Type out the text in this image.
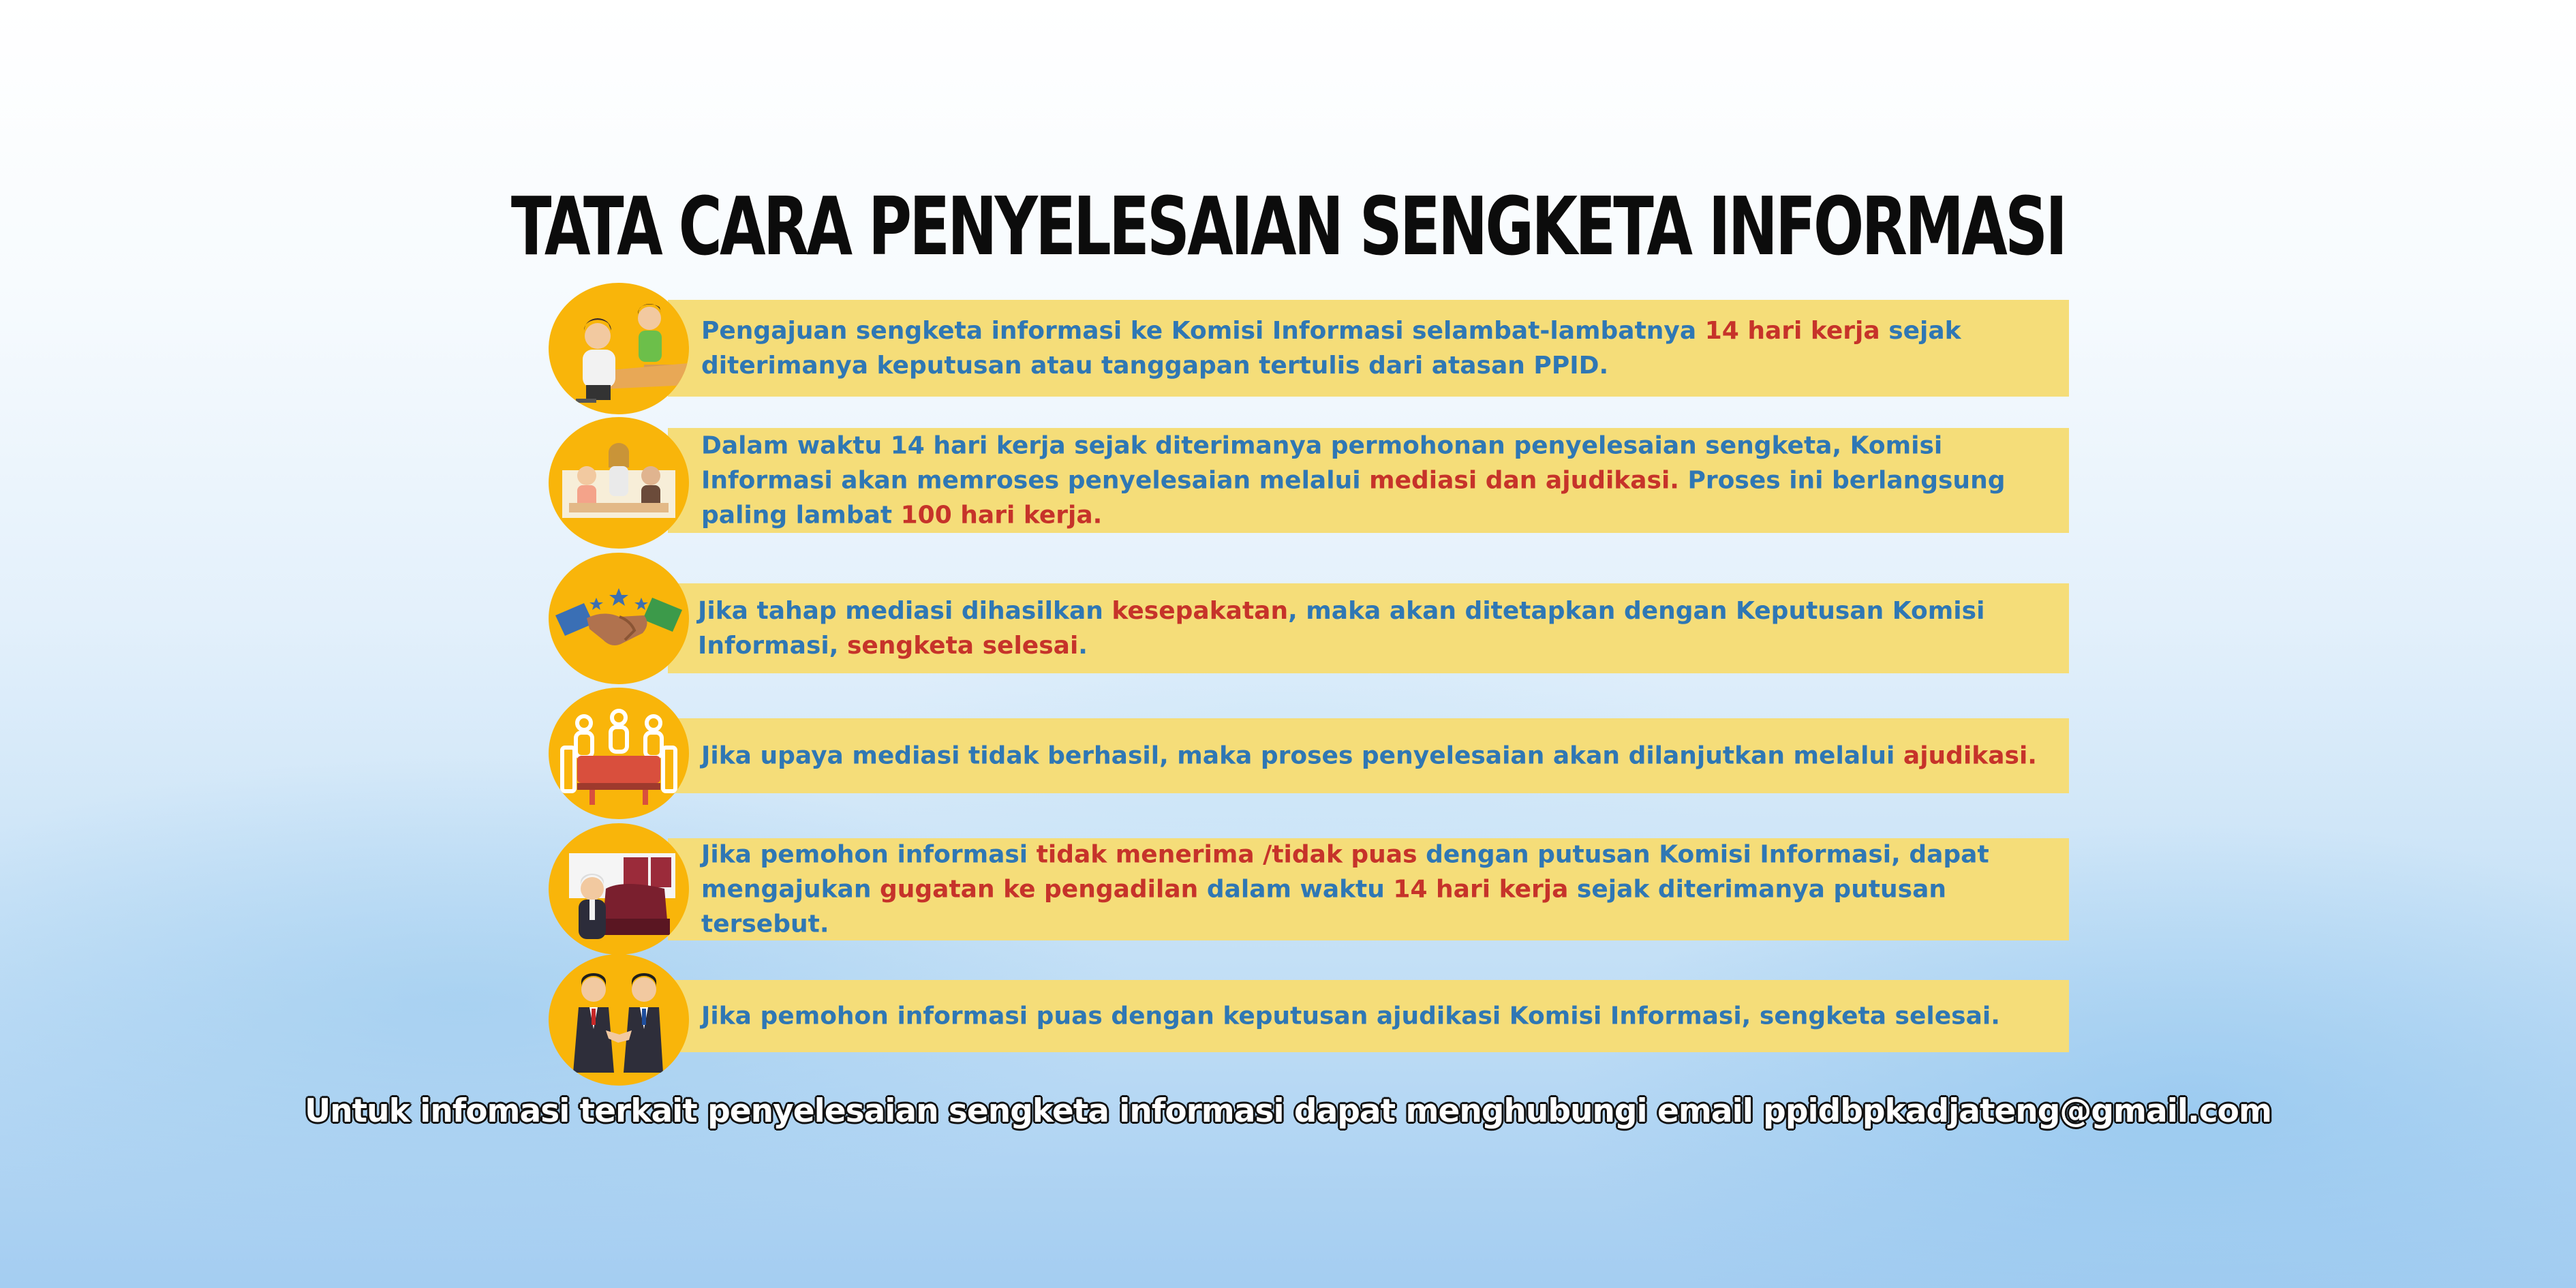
TATA CARA PENYELESAIAN SENGKETA INFORMASI
Pengajuan sengketa informasi ke Komisi Informasi selambat-lambatnya 14 hari kerja sejak diterimanya keputusan atau tanggapan tertulis dari atasan PPID.
Dalam waktu 14 hari kerja sejak diterimanya permohonan penyelesaian sengketa, Komisi Informasi akan memroses penyelesaian melalui mediasi dan ajudikasi. Proses ini berlangsung paling lambat 100 hari kerja.
Jika tahap mediasi dihasilkan kesepakatan, maka akan ditetapkan dengan Keputusan Komisi Informasi, sengketa selesai.
Jika upaya mediasi tidak berhasil, maka proses penyelesaian akan dilanjutkan melalui ajudikasi.
Jika pemohon informasi tidak menerima /tidak puas dengan putusan Komisi Informasi, dapat mengajukan gugatan ke pengadilan dalam waktu 14 hari kerja sejak diterimanya putusan tersebut.
Jika pemohon informasi puas dengan keputusan ajudikasi Komisi Informasi, sengketa selesai.
Untuk infomasi terkait penyelesaian sengketa informasi dapat menghubungi email ppidbpkadjateng@gmail.com
